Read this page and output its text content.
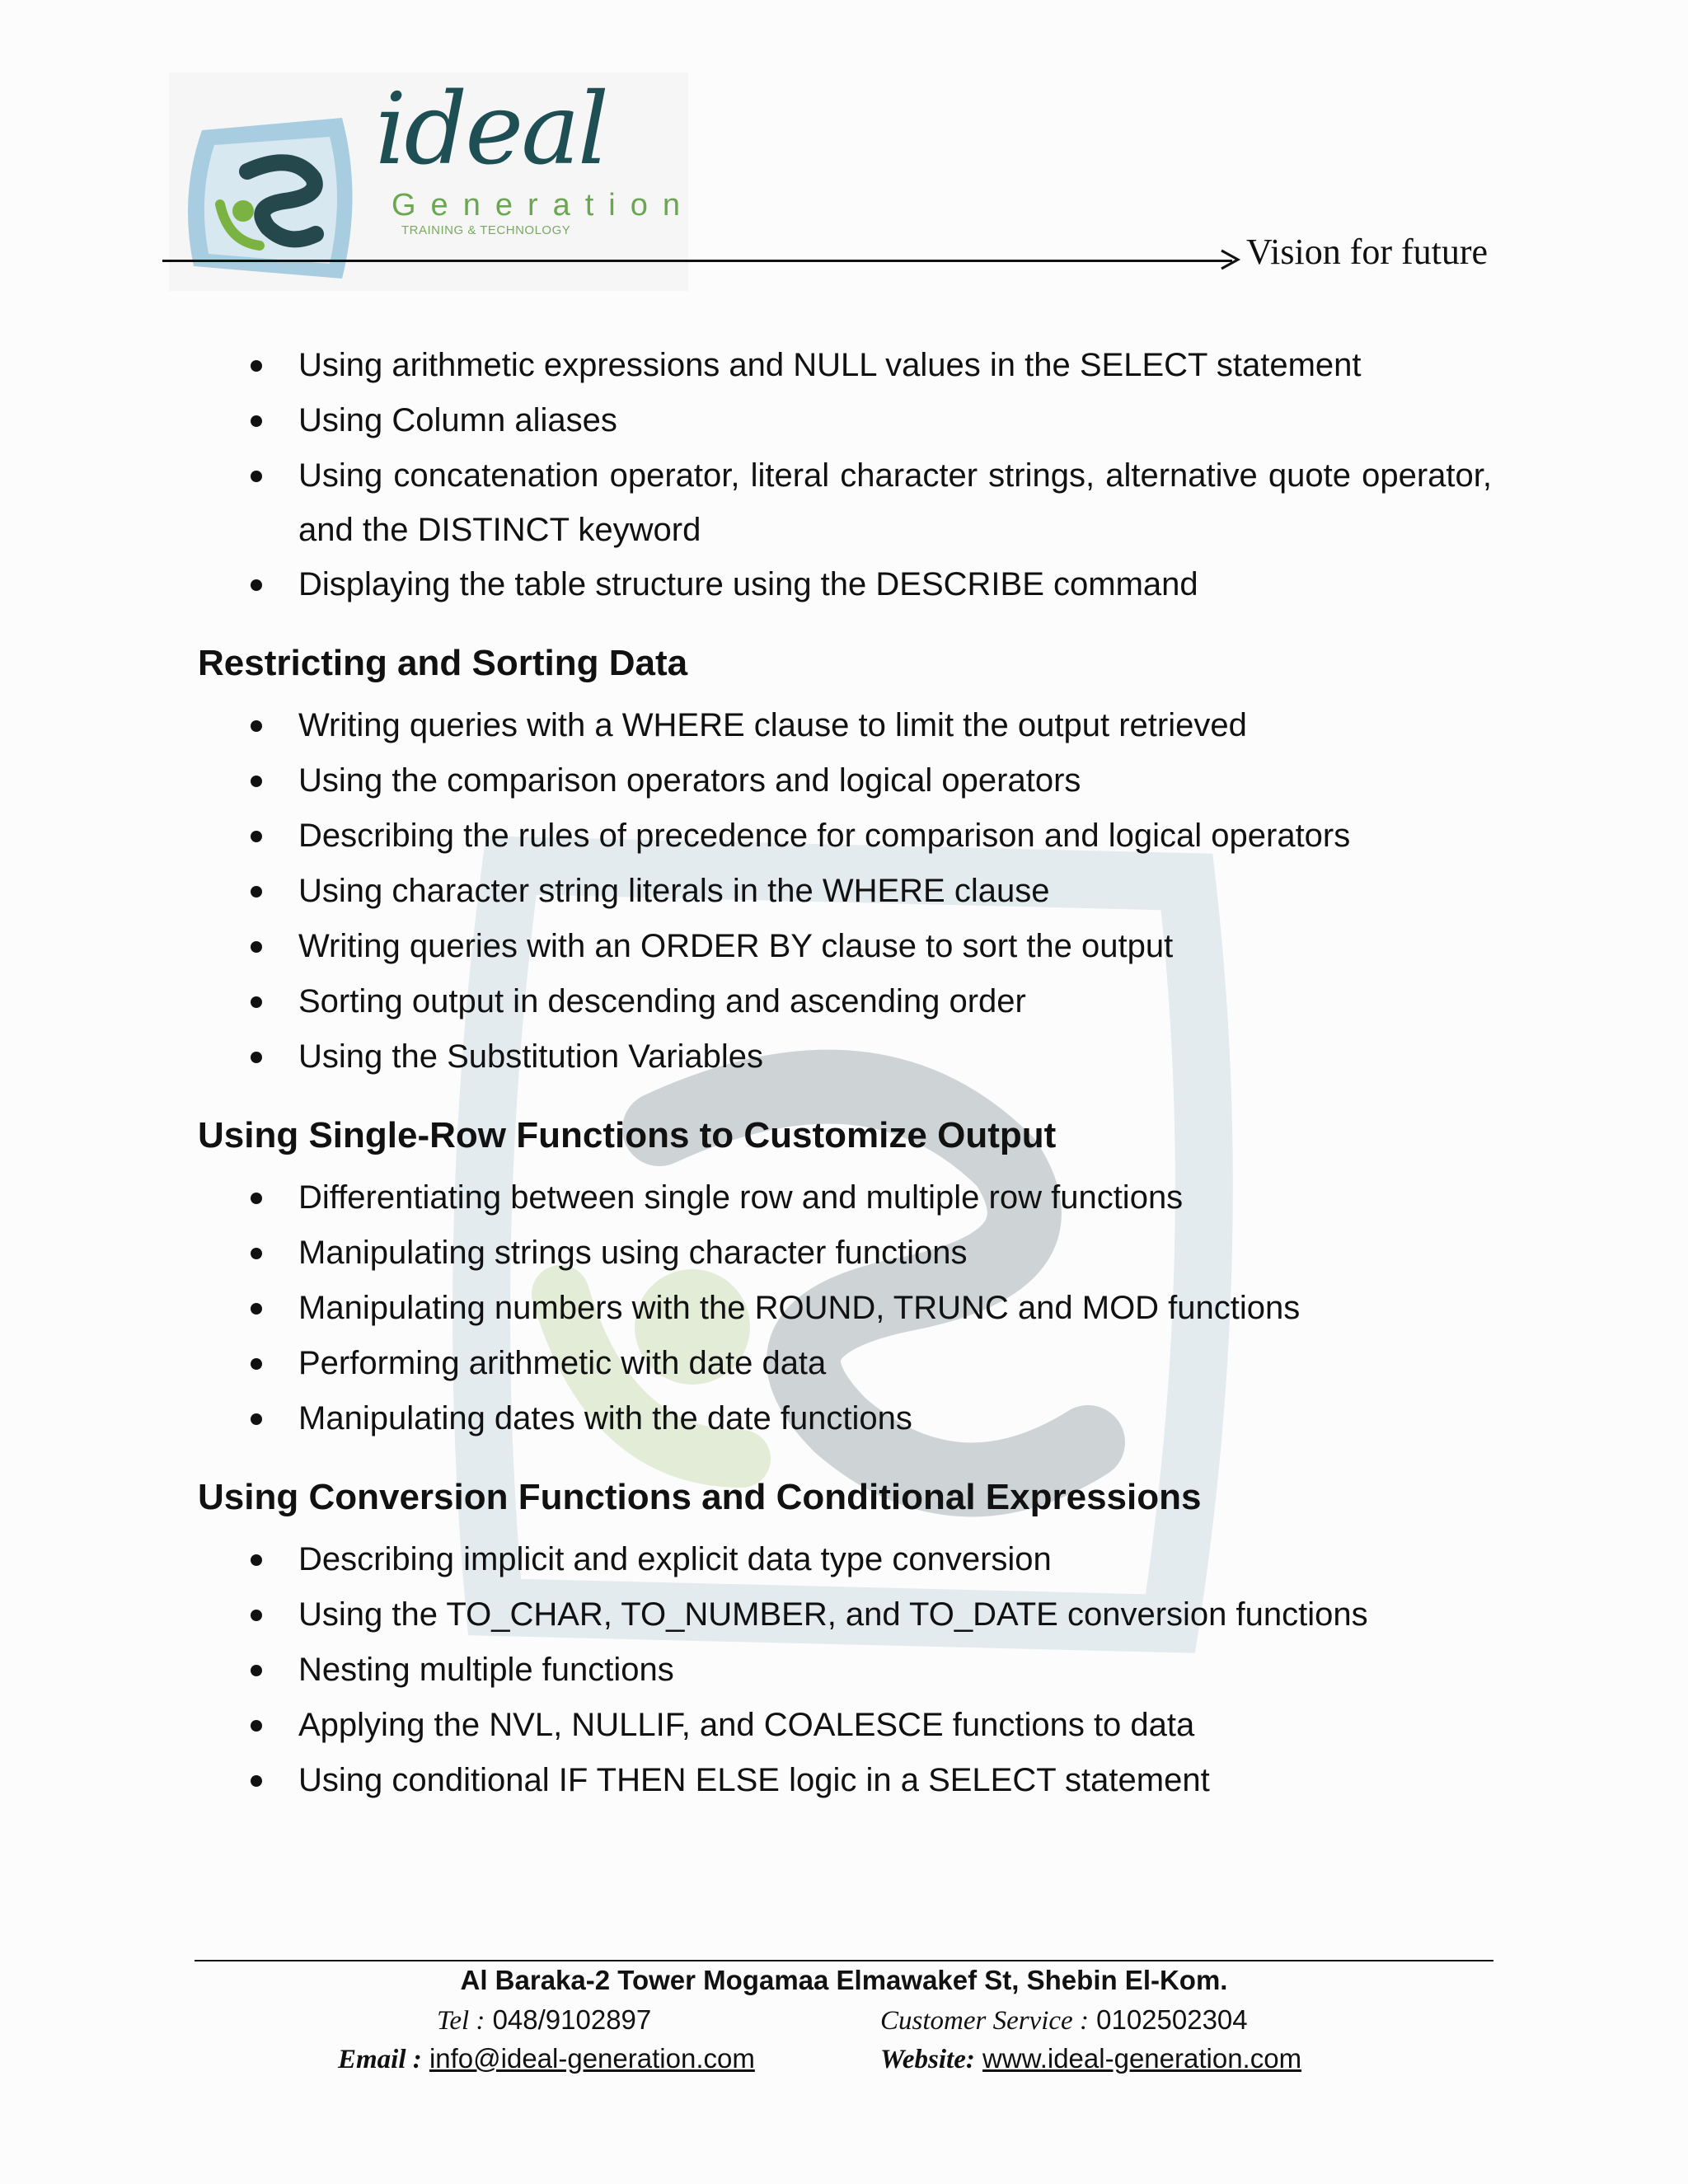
ideal
Generation
TRAINING & TECHNOLOGY
Vision for future
Using arithmetic expressions and NULL values in the SELECT statement
Using Column aliases
Using concatenation operator, literal character strings, alternative quote operator, and the DISTINCT keyword
Displaying the table structure using the DESCRIBE command
Restricting and Sorting Data
Writing queries with a WHERE clause to limit the output retrieved
Using the comparison operators and logical operators
Describing the rules of precedence for comparison and logical operators
Using character string literals in the WHERE clause
Writing queries with an ORDER BY clause to sort the output
Sorting output in descending and ascending order
Using the Substitution Variables
Using Single-Row Functions to Customize Output
Differentiating between single row and multiple row functions
Manipulating strings using character functions
Manipulating numbers with the ROUND, TRUNC and MOD functions
Performing arithmetic with date data
Manipulating dates with the date functions
Using Conversion Functions and Conditional Expressions
Describing implicit and explicit data type conversion
Using the TO_CHAR, TO_NUMBER, and TO_DATE conversion functions
Nesting multiple functions
Applying the NVL, NULLIF, and COALESCE functions to data
Using conditional IF THEN ELSE logic in a SELECT statement
Al Baraka-2 Tower Mogamaa Elmawakef St, Shebin El-Kom.
Tel : 048/9102897	Customer Service : 0102502304
Email : info@ideal-generation.com	Website: www.ideal-generation.com
